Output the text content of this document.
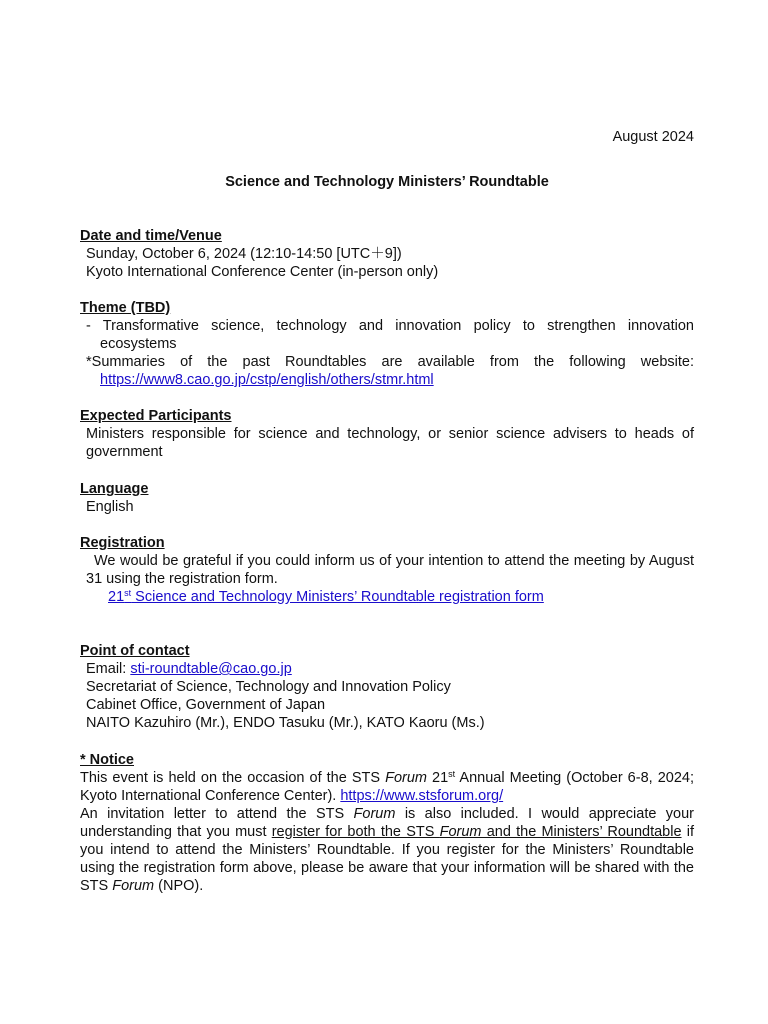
August 2024
Science and Technology Ministers’ Roundtable
Date and time/Venue
Sunday, October 6, 2024 (12:10-14:50 [UTC＋9])
Kyoto International Conference Center (in-person only)
Theme (TBD)
- Transformative science, technology and innovation policy to strengthen innovation ecosystems
*Summaries of the past Roundtables are available from the following website:
https://www8.cao.go.jp/cstp/english/others/stmr.html
Expected Participants
Ministers responsible for science and technology, or senior science advisers to heads of government
Language
English
Registration
We would be grateful if you could inform us of your intention to attend the meeting by August 31 using the registration form.
21st Science and Technology Ministers’ Roundtable registration form
Point of contact
Email: sti-roundtable@cao.go.jp
Secretariat of Science, Technology and Innovation Policy
Cabinet Office, Government of Japan
NAITO Kazuhiro (Mr.), ENDO Tasuku (Mr.), KATO Kaoru (Ms.)
* Notice
This event is held on the occasion of the STS Forum 21st Annual Meeting (October 6-8, 2024; Kyoto International Conference Center). https://www.stsforum.org/
An invitation letter to attend the STS Forum is also included. I would appreciate your understanding that you must register for both the STS Forum and the Ministers’ Roundtable if you intend to attend the Ministers’ Roundtable. If you register for the Ministers’ Roundtable using the registration form above, please be aware that your information will be shared with the STS Forum (NPO).
